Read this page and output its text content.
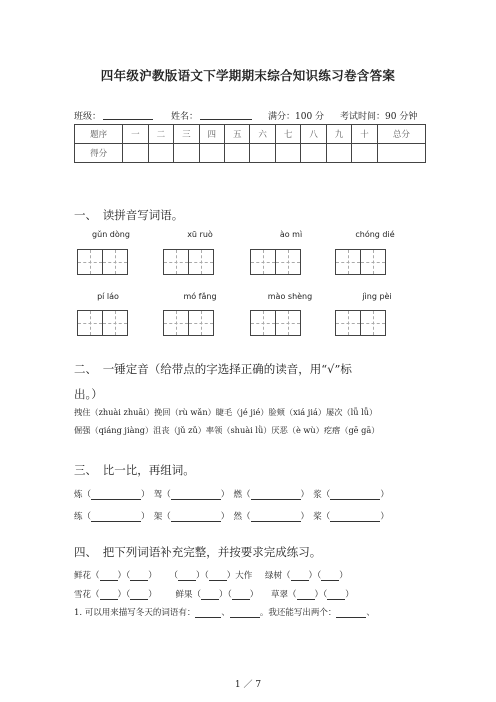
四年级沪教版语文下学期期末综合知识练习卷含答案
班级：	姓名：	满分：100 分 考试时间：90 分钟
题序	一	二	三	四	五	六	七	八	九	十	总分
得分											
一、　读拼音写词语。
gǔn dòng	xū ruò	ào mì	chóng dié
pí láo	mó fǎng	mào shèng	jìng pèi
二、　一锤定音（给带点的字选择正确的读音，用“√”标
出。）
拽住（zhuài zhuāi）挽回（rù wǎn）睫毛（jé jié）脸颊（xiá jiá）屡次（lǚ lǚ）
倔强（qiáng jiàng）沮丧（jǔ zǔ）率领（shuài lǜ）厌恶（è wù）疙瘩（gē gā）
三、　比一比，再组词。
炼（	）　驾（	）　燃（	）　浆（	）
练（	）　架（	）　然（	）　桨（	）
四、　把下列词语补充完整，并按要求完成练习。
鲜花（ ）（ ） （ ）（ ）大作 绿树（ ）（ ）
雪花（ ）（ ） 鲜果（ ）（ ） 草翠（ ）（ ）
1. 可以用来描写冬天的词语有：	、	。我还能写出两个：	、
1 ／ 7
